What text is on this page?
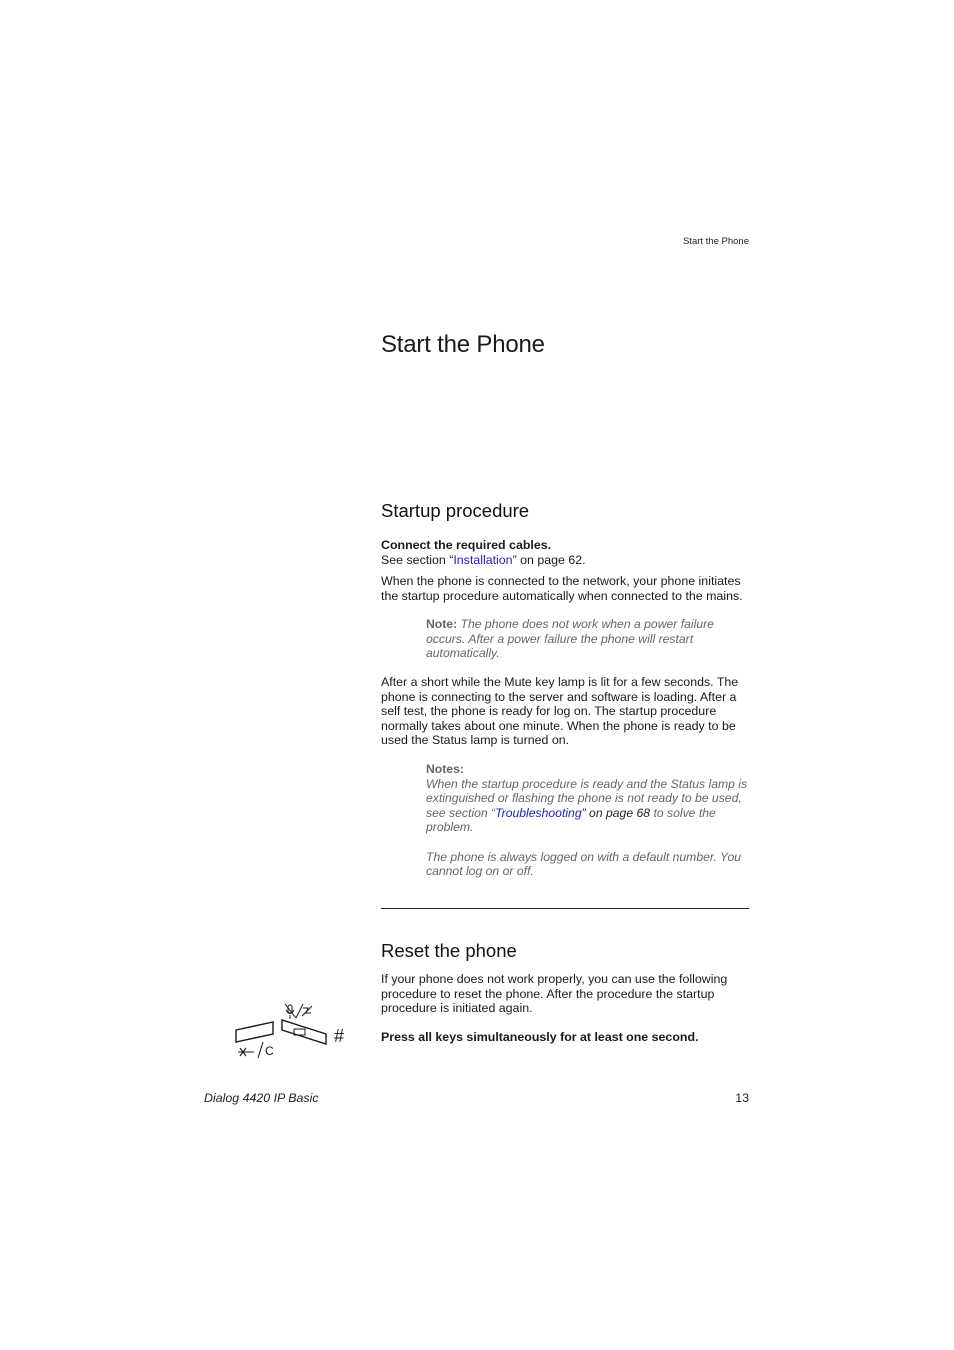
Start the Phone
Start the Phone
Startup procedure

Connect the required cables.

See section “Installation” on page 62.

When the phone is connected to the network, your phone initiates the startup procedure automatically when connected to the mains.
Note: The phone does not work when a power failure occurs. After a power failure the phone will restart automatically.
After a short while the Mute key lamp is lit for a few seconds. The phone is connecting to the server and software is loading. After a self test, the phone is ready for log on. The startup procedure normally takes about one minute. When the phone is ready to be used the Status lamp is turned on.
Notes:
When the startup procedure is ready and the Status lamp is extinguished or flashing the phone is not ready to be used, see section “Troubleshooting” on page 68 to solve the problem.
The phone is always logged on with a default number. You cannot log on or off.
Reset the phone
If your phone does not work properly, you can use the following procedure to reset the phone. After the procedure the startup procedure is initiated again.
Press all keys simultaneously for at least one second.
C
#
Dialog 4420 IP Basic	13
